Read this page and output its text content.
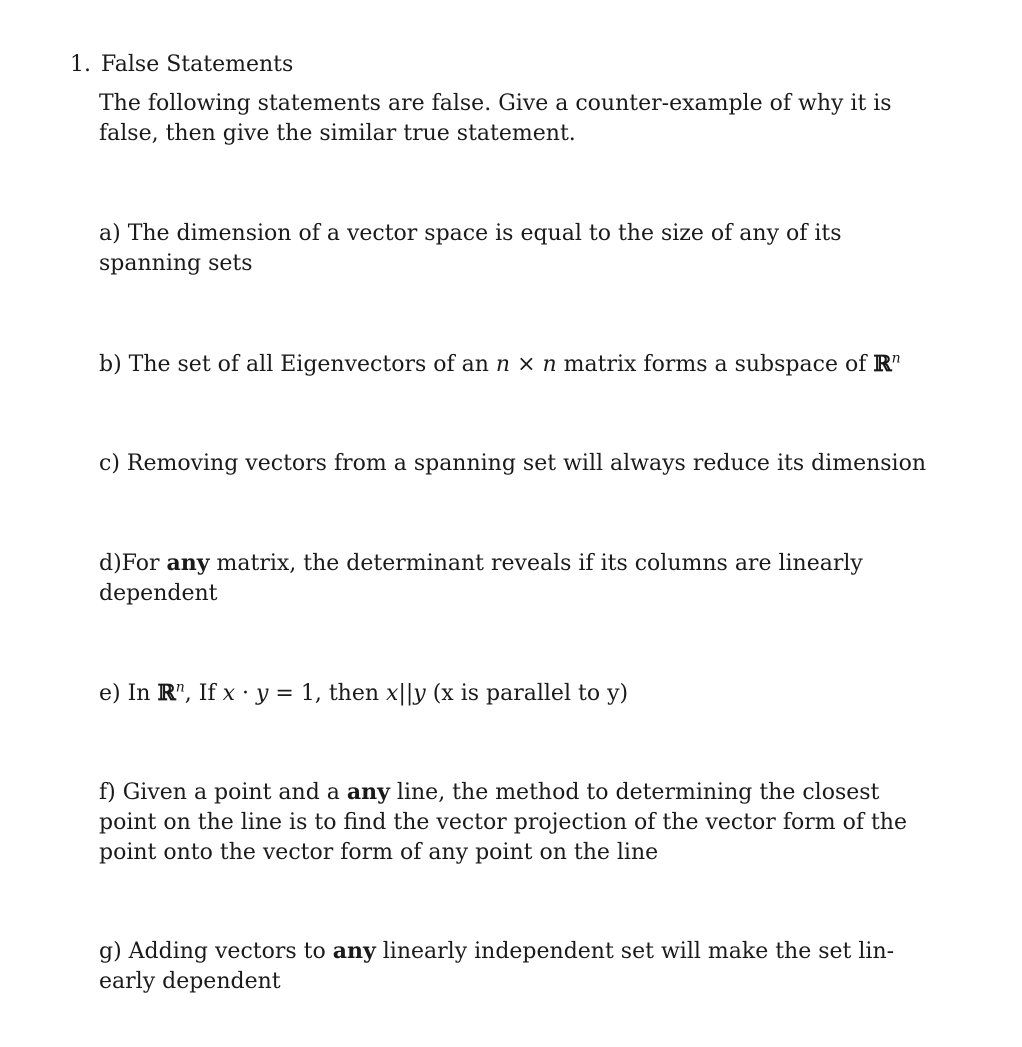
1. False Statements
The following statements are false. Give a counter-example of why it is
false, then give the similar true statement.
a) The dimension of a vector space is equal to the size of any of its
spanning sets
b) The set of all Eigenvectors of an n × n matrix forms a subspace of ℝ$^n$
c) Removing vectors from a spanning set will always reduce its dimension
d)For any matrix, the determinant reveals if its columns are linearly
dependent
e) In ℝ$^n$, If x · y = 1, then x||y (x is parallel to y)
f) Given a point and a any line, the method to determining the closest
point on the line is to find the vector projection of the vector form of the
point onto the vector form of any point on the line
g) Adding vectors to any linearly independent set will make the set lin-
early dependent
